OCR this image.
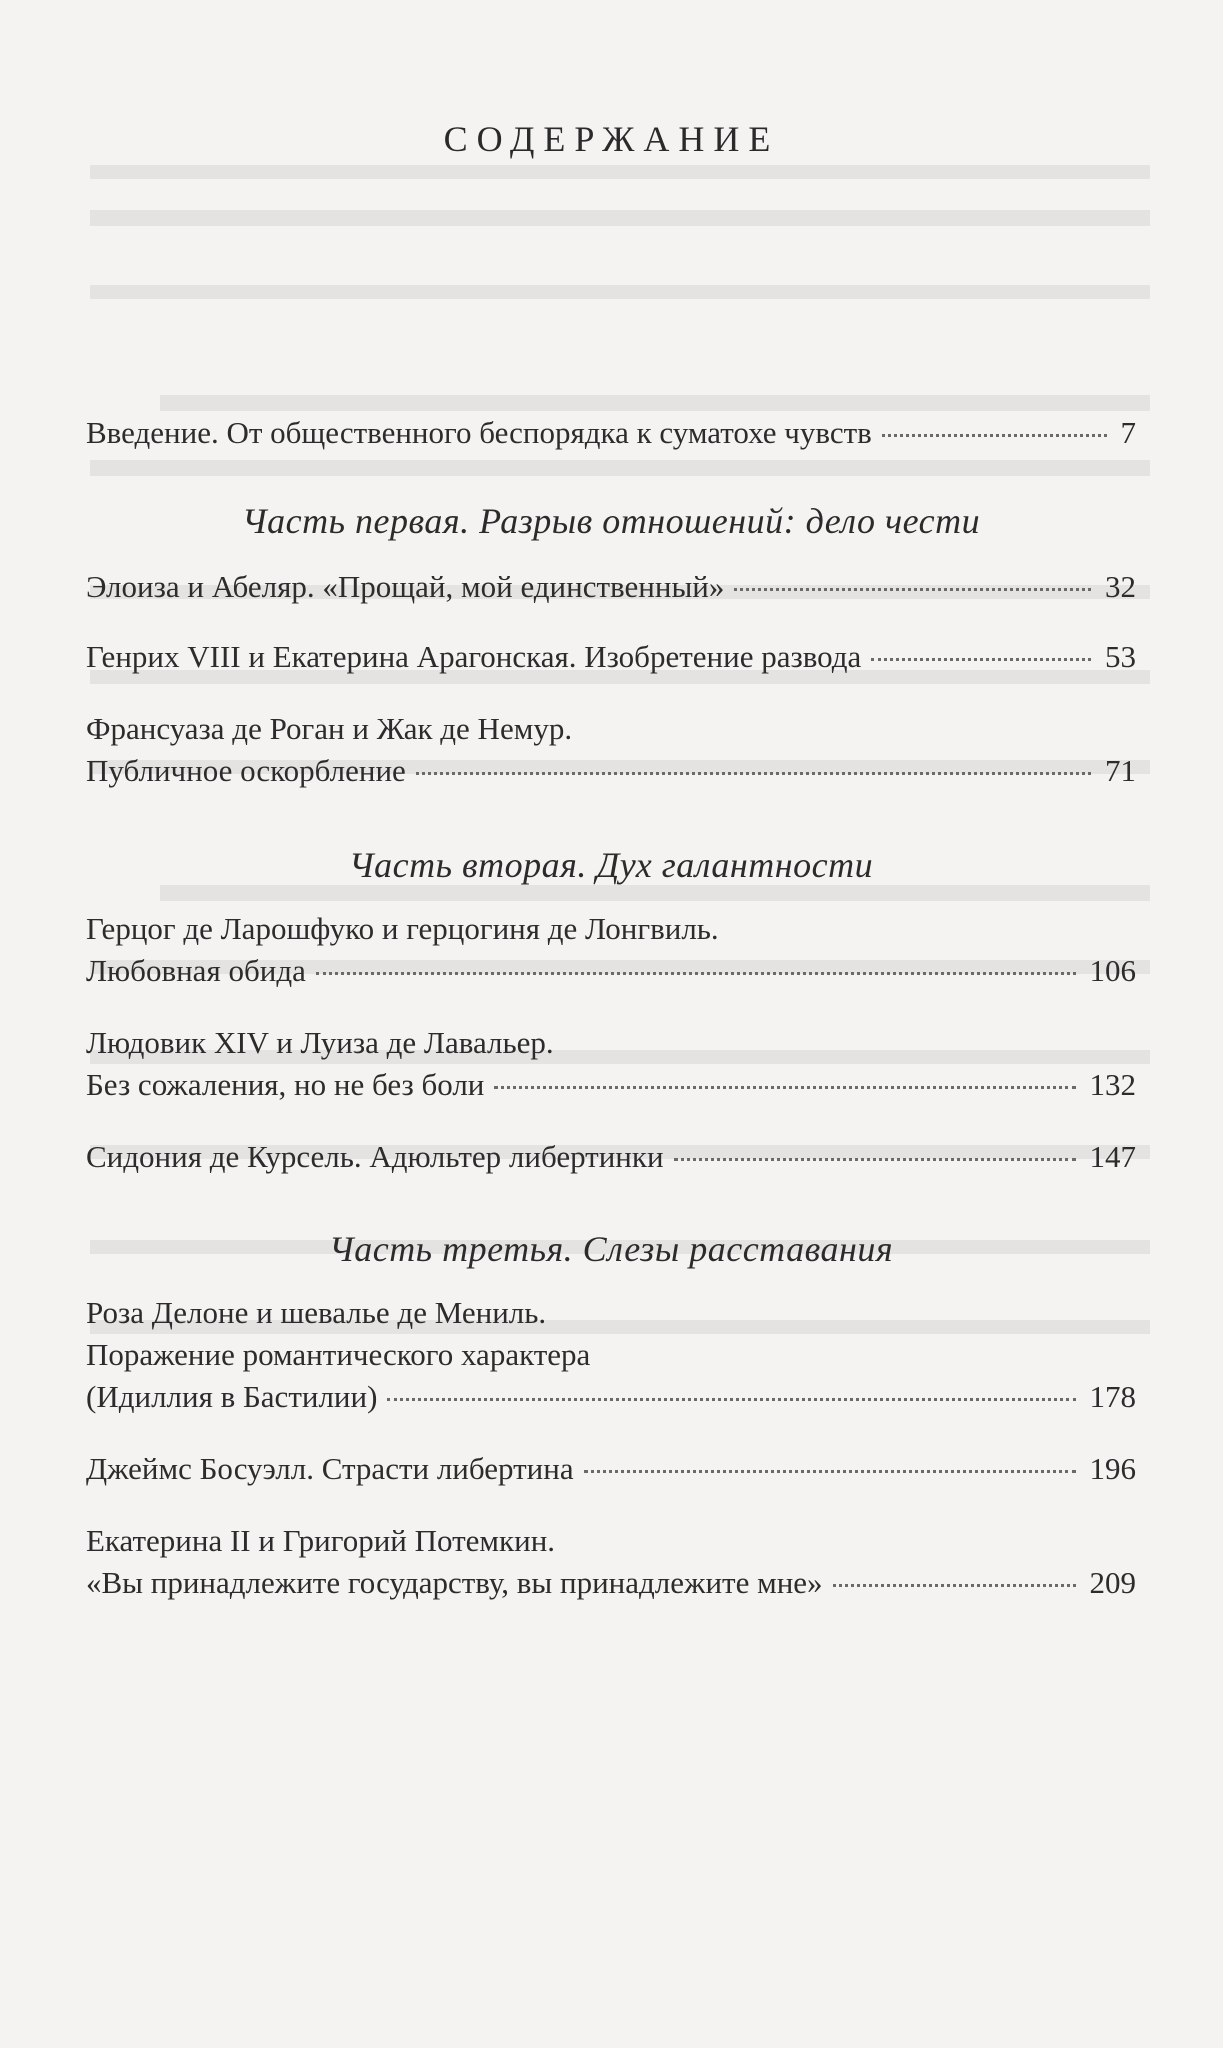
СОДЕРЖАНИЕ
Введение. От общественного беспорядка к суматохе чувств	7
Часть первая. Разрыв отношений: дело чести
Элоиза и Абеляр. «Прощай, мой единственный»	32
Генрих VIII и Екатерина Арагонская. Изобретение развода	53
Франсуаза де Роган и Жак де Немур.
Публичное оскорбление	71
Часть вторая. Дух галантности
Герцог де Ларошфуко и герцогиня де Лонгвиль.
Любовная обида	106
Людовик XIV и Луиза де Лавальер.
Без сожаления, но не без боли	132
Сидония де Курсель. Адюльтер либертинки	147
Часть третья. Слезы расставания
Роза Делоне и шевалье де Мениль.
Поражение романтического характера
(Идиллия в Бастилии)	178
Джеймс Босуэлл. Страсти либертина	196
Екатерина II и Григорий Потемкин.
«Вы принадлежите государству, вы принадлежите мне»	209
